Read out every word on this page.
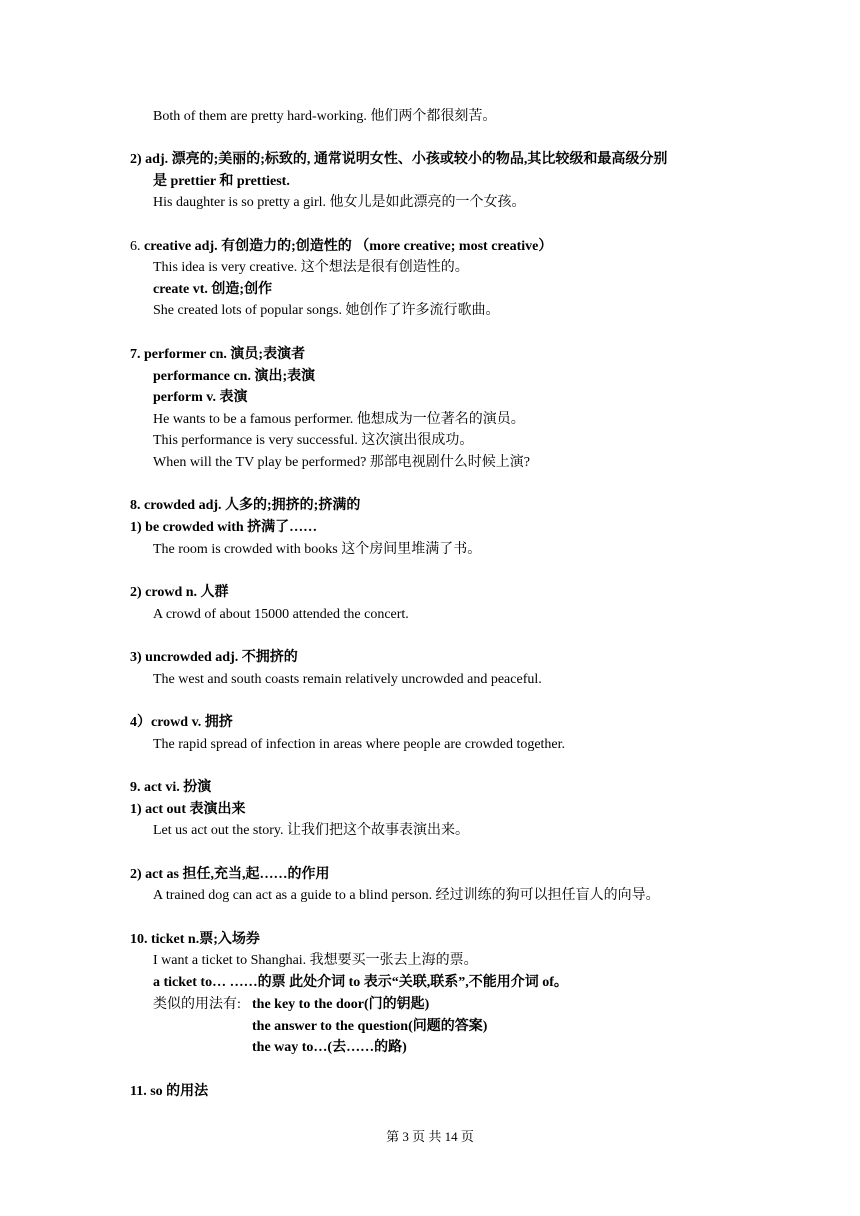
Both of them are pretty hard-working. 他们两个都很刻苦。
2) adj. 漂亮的;美丽的;标致的, 通常说明女性、小孩或较小的物品,其比较级和最高级分别
是 prettier 和 prettiest.
His daughter is so pretty a girl. 他女儿是如此漂亮的一个女孩。
6. creative adj. 有创造力的;创造性的 （more creative; most creative）
This idea is very creative. 这个想法是很有创造性的。
create vt. 创造;创作
She created lots of popular songs. 她创作了许多流行歌曲。
7. performer cn. 演员;表演者
performance cn. 演出;表演
perform v. 表演
He wants to be a famous performer. 他想成为一位著名的演员。
This performance is very successful. 这次演出很成功。
When will the TV play be performed? 那部电视剧什么时候上演?
8. crowded adj. 人多的;拥挤的;挤满的
1) be crowded with 挤满了……
The room is crowded with books 这个房间里堆满了书。
2) crowd n. 人群
A crowd of about 15000 attended the concert.
3) uncrowded adj. 不拥挤的
The west and south coasts remain relatively uncrowded and peaceful.
4）crowd v. 拥挤
The rapid spread of infection in areas where people are crowded together.
9. act vi. 扮演
1) act out 表演出来
Let us act out the story. 让我们把这个故事表演出来。
2) act as 担任,充当,起……的作用
A trained dog can act as a guide to a blind person. 经过训练的狗可以担任盲人的向导。
10. ticket n.票;入场券
I want a ticket to Shanghai. 我想要买一张去上海的票。
a ticket to… ……的票 此处介词 to 表示“关联,联系”,不能用介词 of。
类似的用法有: the key to the door(门的钥匙)
the answer to the question(问题的答案)
the way to…(去……的路)
11. so 的用法
第 3 页 共 14 页
